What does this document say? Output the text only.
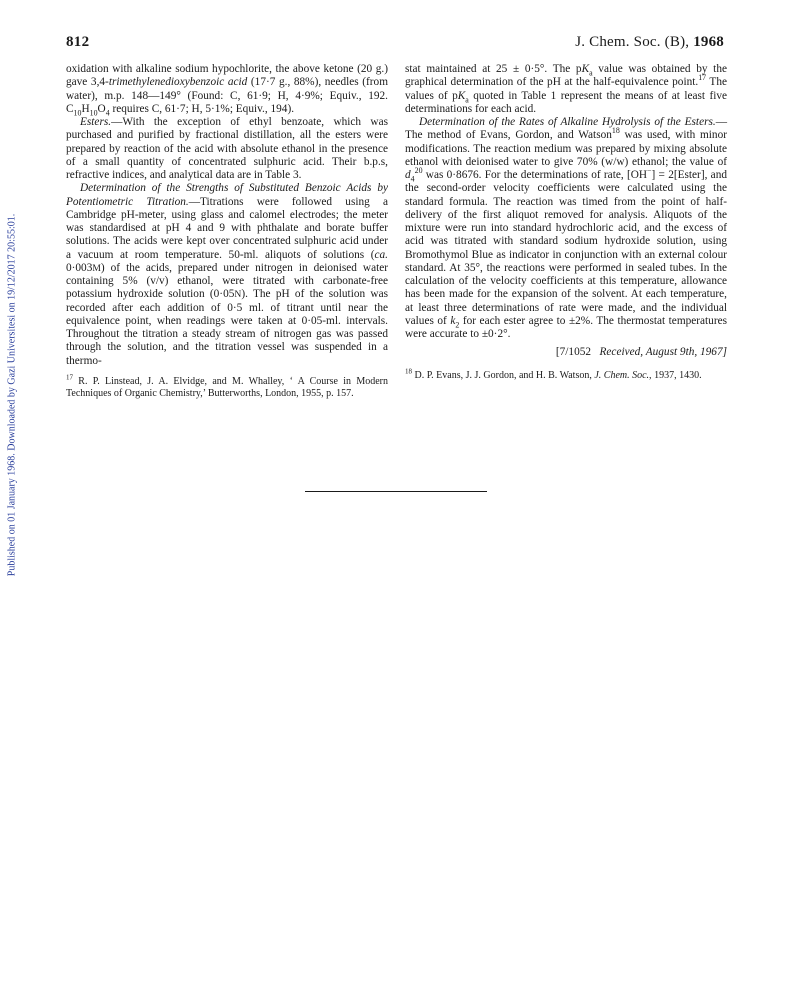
Published on 01 January 1968. Downloaded by Gazi Universitesi on 19/12/2017 20:55:01.
812	J. Chem. Soc. (B), 1968

oxidation with alkaline sodium hypochlorite, the above ketone (20 g.) gave 3,4-trimethylenedioxybenzoic acid (17·7 g., 88%), needles (from water), m.p. 148—149° (Found: C, 61·9; H, 4·9%; Equiv., 192. $C_{10}H_{10}O_4$ requires C, 61·7; H, 5·1%; Equiv., 194).

Esters.—With the exception of ethyl benzoate, which was purchased and purified by fractional distillation, all the esters were prepared by reaction of the acid with absolute ethanol in the presence of a small quantity of concentrated sulphuric acid. Their b.p.s, refractive indices, and analytical data are in Table 3.

Determination of the Strengths of Substituted Benzoic Acids by Potentiometric Titration.—Titrations were followed using a Cambridge pH-meter, using glass and calomel electrodes; the meter was standardised at pH 4 and 9 with phthalate and borate buffer solutions. The acids were kept over concentrated sulphuric acid under a vacuum at room temperature. 50-ml. aliquots of solutions (ca. 0·003M) of the acids, prepared under nitrogen in deionised water containing 5% (v/v) ethanol, were titrated with carbonate-free potassium hydroxide solution (0·05N). The pH of the solution was recorded after each addition of 0·5 ml. of titrant until near the equivalence point, when readings were taken at 0·05-ml. intervals. Throughout the titration a steady stream of nitrogen gas was passed through the solution, and the titration vessel was suspended in a thermo-

$^{17}$ R. P. Linstead, J. A. Elvidge, and M. Whalley, ‘ A Course in Modern Techniques of Organic Chemistry,’ Butterworths, London, 1955, p. 157.

stat maintained at 25 ± 0·5°. The $pK_a$ value was obtained by the graphical determination of the pH at the half-equivalence point.$^{17}$ The values of $pK_a$ quoted in Table 1 represent the means of at least five determinations for each acid.

Determination of the Rates of Alkaline Hydrolysis of the Esters.—The method of Evans, Gordon, and Watson$^{18}$ was used, with minor modifications. The reaction medium was prepared by mixing absolute ethanol with deionised water to give 70% (w/w) ethanol; the value of $d_4^{20}$ was 0·8676. For the determinations of rate, [OH−] = 2[Ester], and the second-order velocity coefficients were calculated using the standard formula. The reaction was timed from the point of half-delivery of the first aliquot removed for analysis. Aliquots of the mixture were run into standard hydrochloric acid, and the excess of acid was titrated with standard sodium hydroxide solution, using Bromothymol Blue as indicator in conjunction with an external colour standard. At 35°, the reactions were performed in sealed tubes. In the calculation of the velocity coefficients at this temperature, allowance has been made for the expansion of the solvent. At each temperature, at least three determinations of rate were made, and the individual values of $k_2$ for each ester agree to ±2%. The thermostat temperatures were accurate to ±0·2°.

[7/1052 Received, August 9th, 1967]

$^{18}$ D. P. Evans, J. J. Gordon, and H. B. Watson, J. Chem. Soc., 1937, 1430.
